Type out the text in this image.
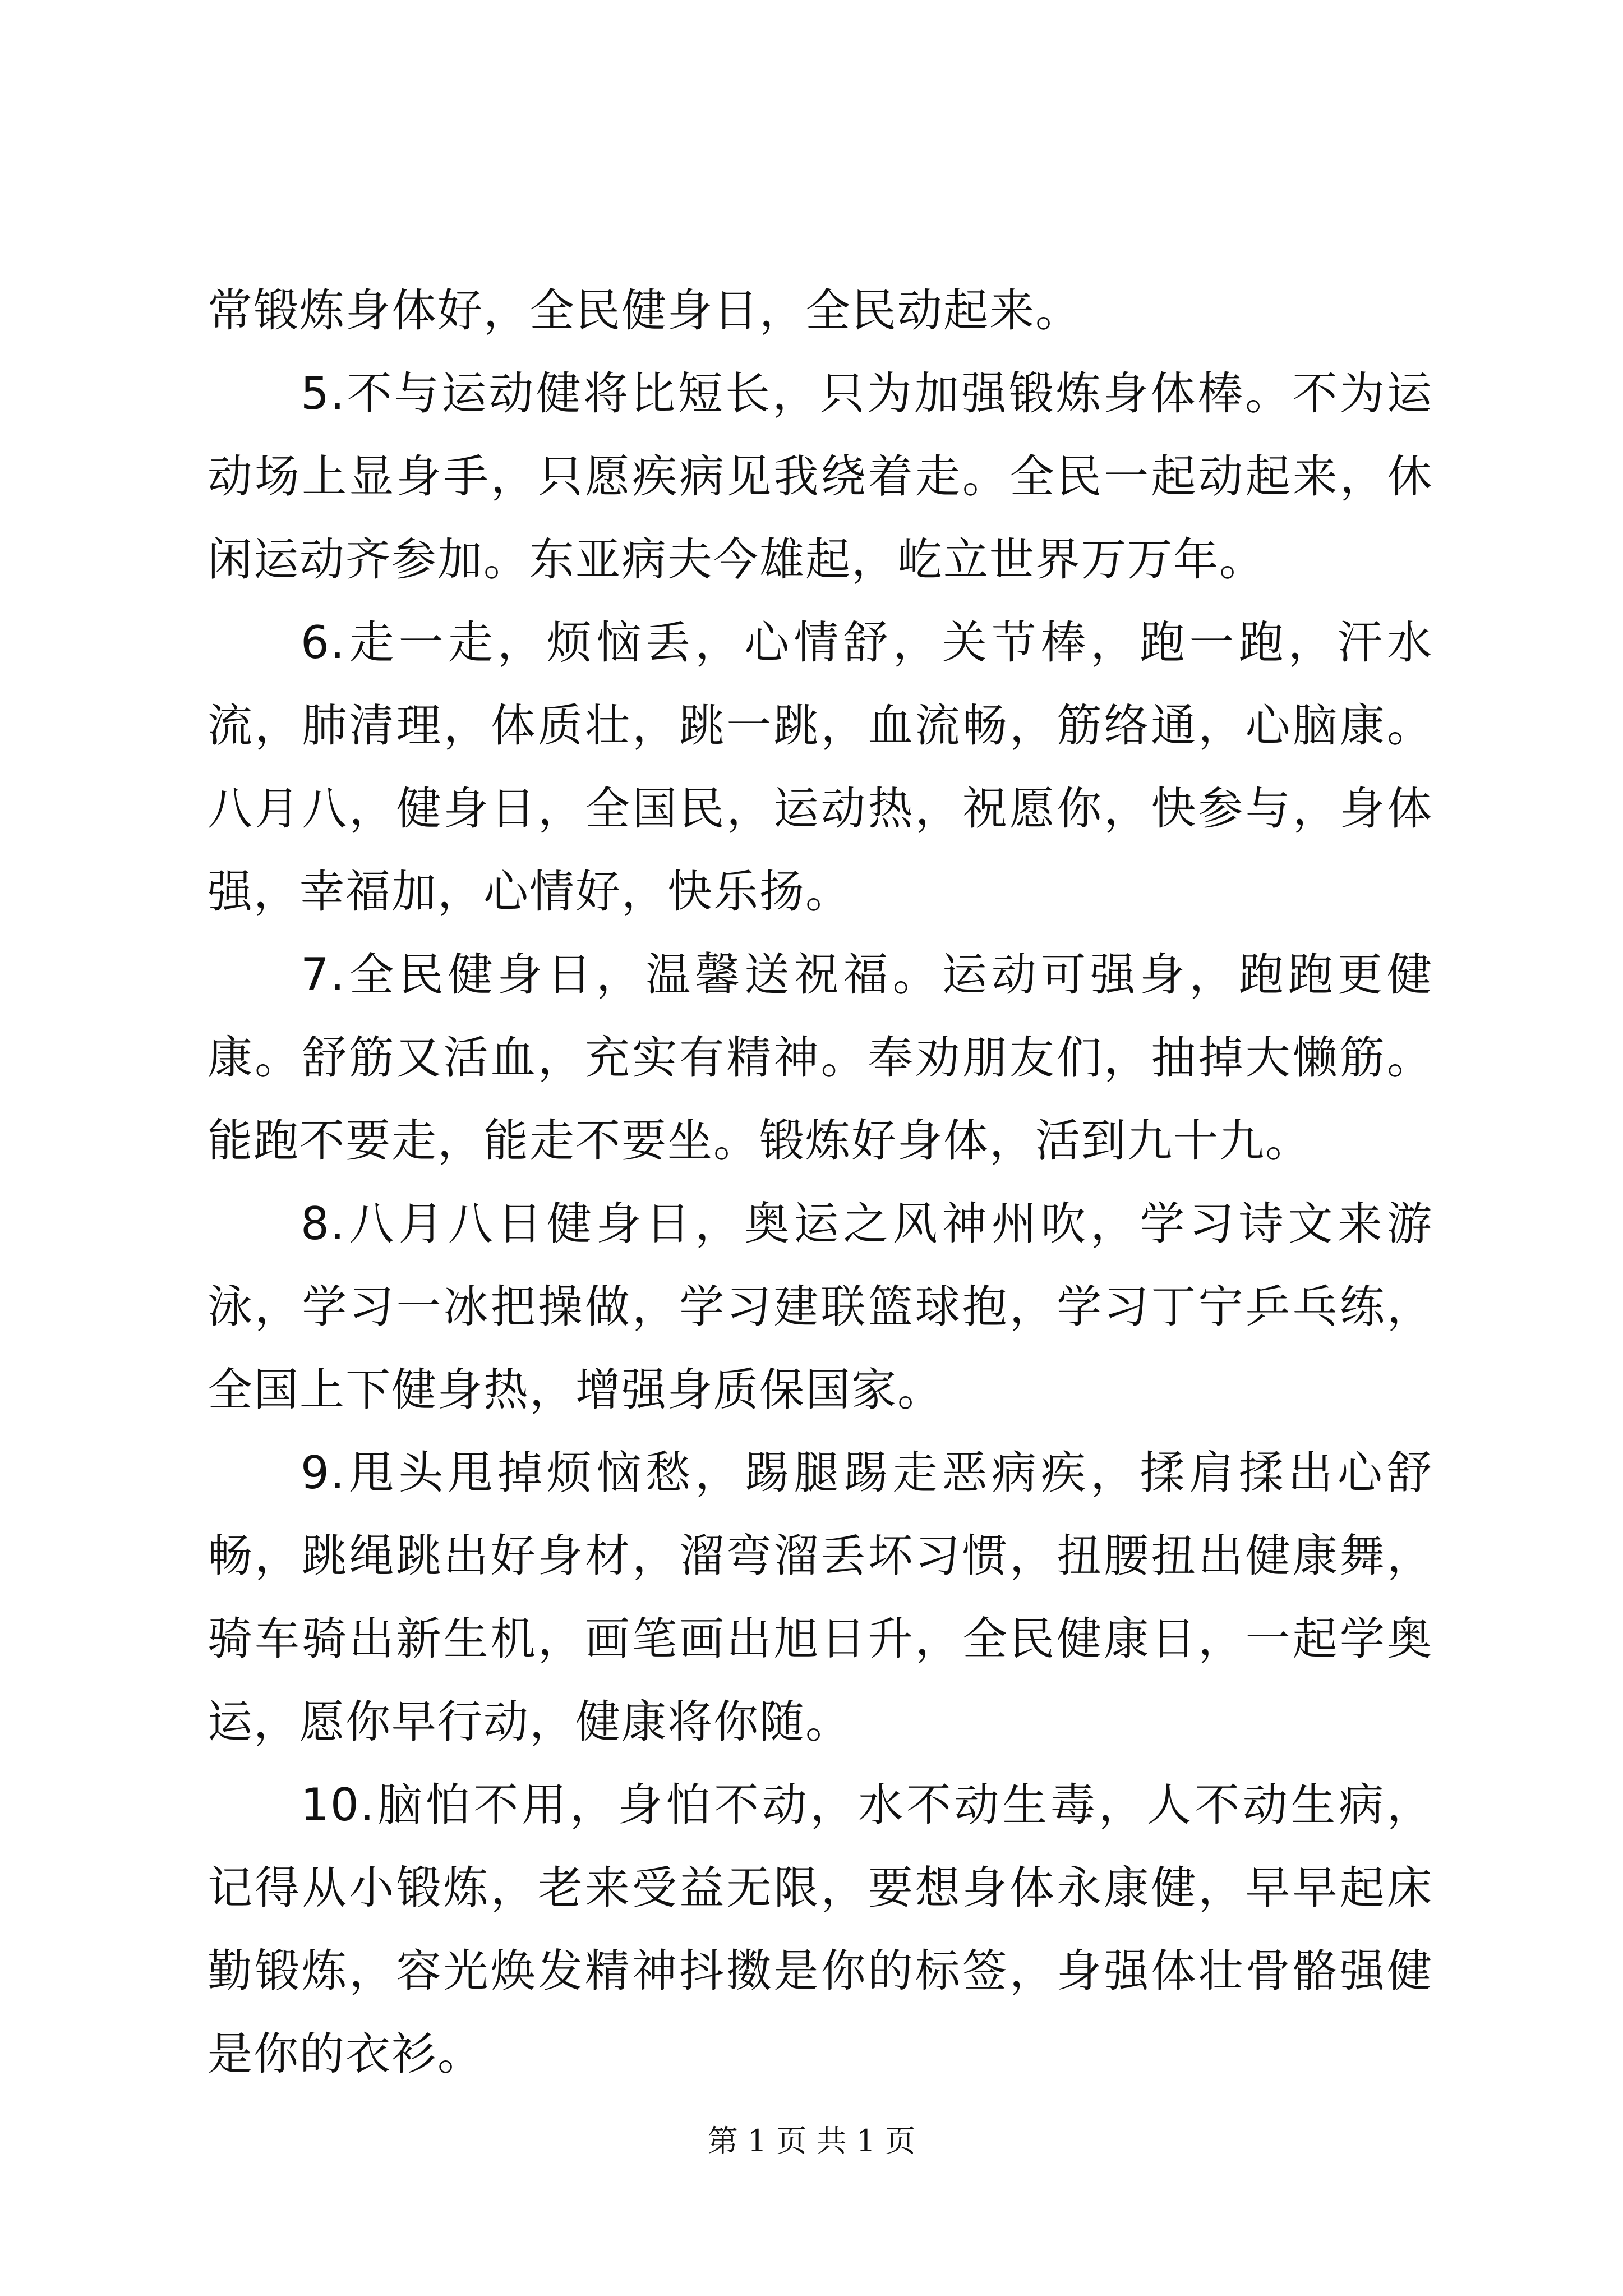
常锻炼身体好，全民健身日，全民动起来。

5.不与运动健将比短长，只为加强锻炼身体棒。不为运动场上显身手，只愿疾病见我绕着走。全民一起动起来，休闲运动齐参加。东亚病夫今雄起，屹立世界万万年。

6.走一走，烦恼丢，心情舒，关节棒，跑一跑，汗水流，肺清理，体质壮，跳一跳，血流畅，筋络通，心脑康。八月八，健身日，全国民，运动热，祝愿你，快参与，身体强，幸福加，心情好，快乐扬。

7.全民健身日，温馨送祝福。运动可强身，跑跑更健康。舒筋又活血，充实有精神。奉劝朋友们，抽掉大懒筋。能跑不要走，能走不要坐。锻炼好身体，活到九十九。

8.八月八日健身日，奥运之风神州吹，学习诗文来游泳，学习一冰把操做，学习建联篮球抱，学习丁宁乒乓练，全国上下健身热，增强身质保国家。

9.甩头甩掉烦恼愁，踢腿踢走恶病疾，揉肩揉出心舒畅，跳绳跳出好身材，溜弯溜丢坏习惯，扭腰扭出健康舞，骑车骑出新生机，画笔画出旭日升，全民健康日，一起学奥运，愿你早行动，健康将你随。

10.脑怕不用，身怕不动，水不动生毒，人不动生病，记得从小锻炼，老来受益无限，要想身体永康健，早早起床勤锻炼，容光焕发精神抖擞是你的标签，身强体壮骨骼强健是你的衣衫。

第 1 页 共 1 页
